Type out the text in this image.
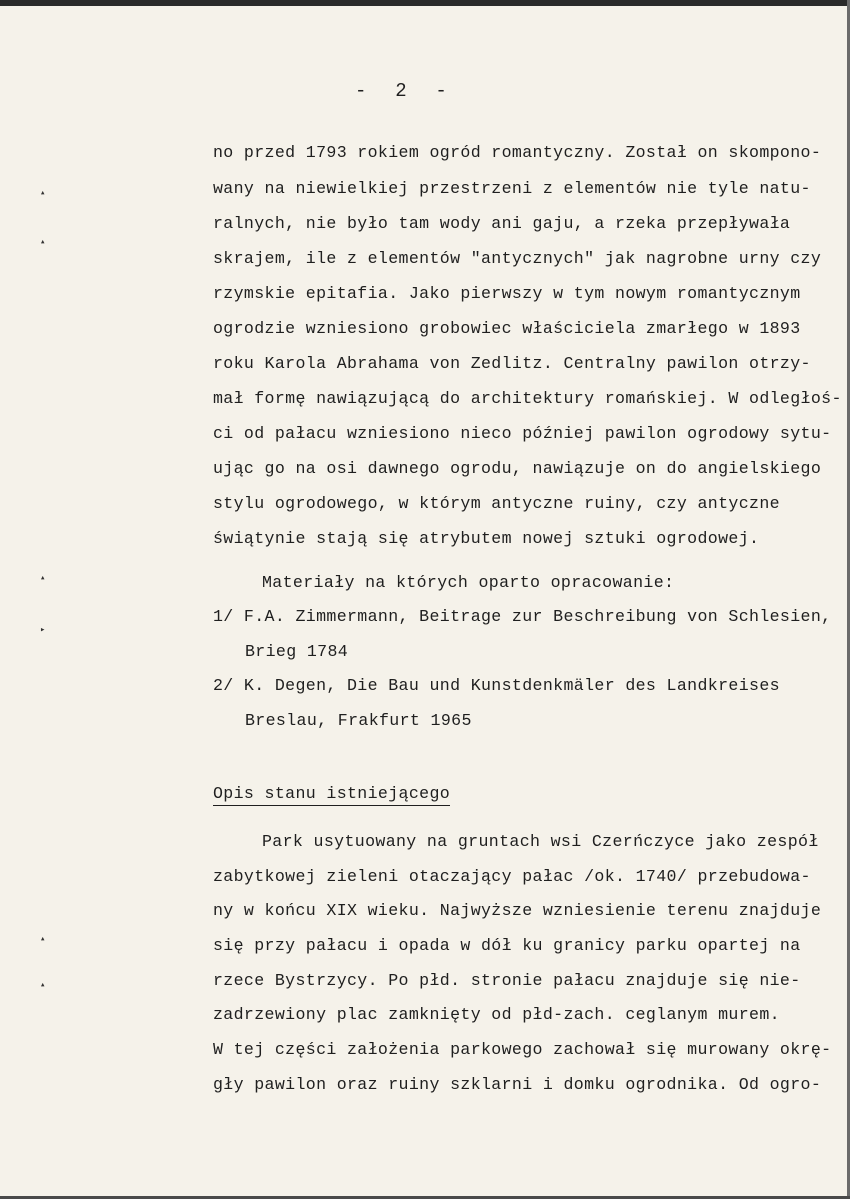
▴
▴
▴
▸
▴
▴
-  2  -
no przed 1793 rokiem ogród romantyczny. Został on skompono-
wany na niewielkiej przestrzeni z elementów nie tyle natu-
ralnych, nie było tam wody ani gaju, a rzeka przepływała
skrajem, ile z elementów "antycznych" jak nagrobne urny czy
rzymskie epitafia. Jako pierwszy w tym nowym romantycznym
ogrodzie wzniesiono grobowiec właściciela zmarłego w 1893
roku Karola Abrahama von Zedlitz. Centralny pawilon otrzy-
mał formę nawiązującą do architektury romańskiej. W odległoś-
ci od pałacu wzniesiono nieco później pawilon ogrodowy sytu-
ując go na osi dawnego ogrodu, nawiązuje on do angielskiego
stylu ogrodowego, w którym antyczne ruiny, czy antyczne
świątynie stają się atrybutem nowej sztuki ogrodowej.
Materiały na których oparto opracowanie:
1/ F.A. Zimmermann, Beitrage zur Beschreibung von Schlesien,
Brieg 1784
2/ K. Degen, Die Bau und Kunstdenkmäler des Landkreises
Breslau, Frakfurt 1965
Opis stanu istniejącego
Park usytuowany na gruntach wsi Czerńczyce jako zespół
zabytkowej zieleni otaczający pałac /ok. 1740/ przebudowa-
ny w końcu XIX wieku. Najwyższe wzniesienie terenu znajduje
się przy pałacu i opada w dół ku granicy parku opartej na
rzece Bystrzycy. Po płd. stronie pałacu znajduje się nie-
zadrzewiony plac zamknięty od płd-zach. ceglanym murem.
W tej części założenia parkowego zachował się murowany okrę-
gły pawilon oraz ruiny szklarni i domku ogrodnika. Od ogro-
